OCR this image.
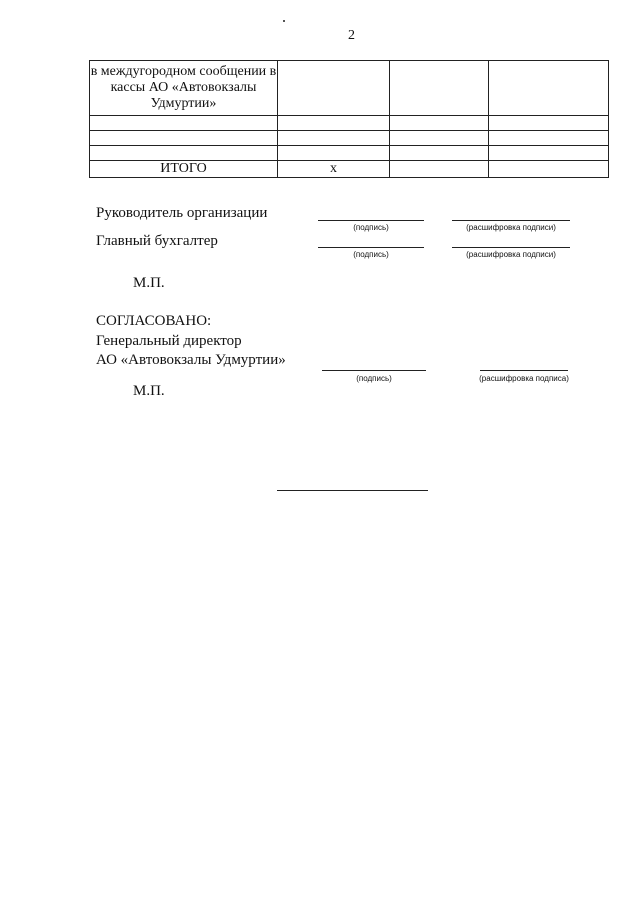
2
в междугородном сообщении в кассы АО «Автовокзалы Удмуртии»			

ИТОГО	х		
Руководитель организации
(подпись)	(расшифровка подписи)
Главный бухгалтер
(подпись)	(расшифровка подписи)
М.П.
СОГЛАСОВАНО:
Генеральный директор
АО «Автовокзалы Удмуртии»
(подпись)	(расшифровка подписа)
М.П.
